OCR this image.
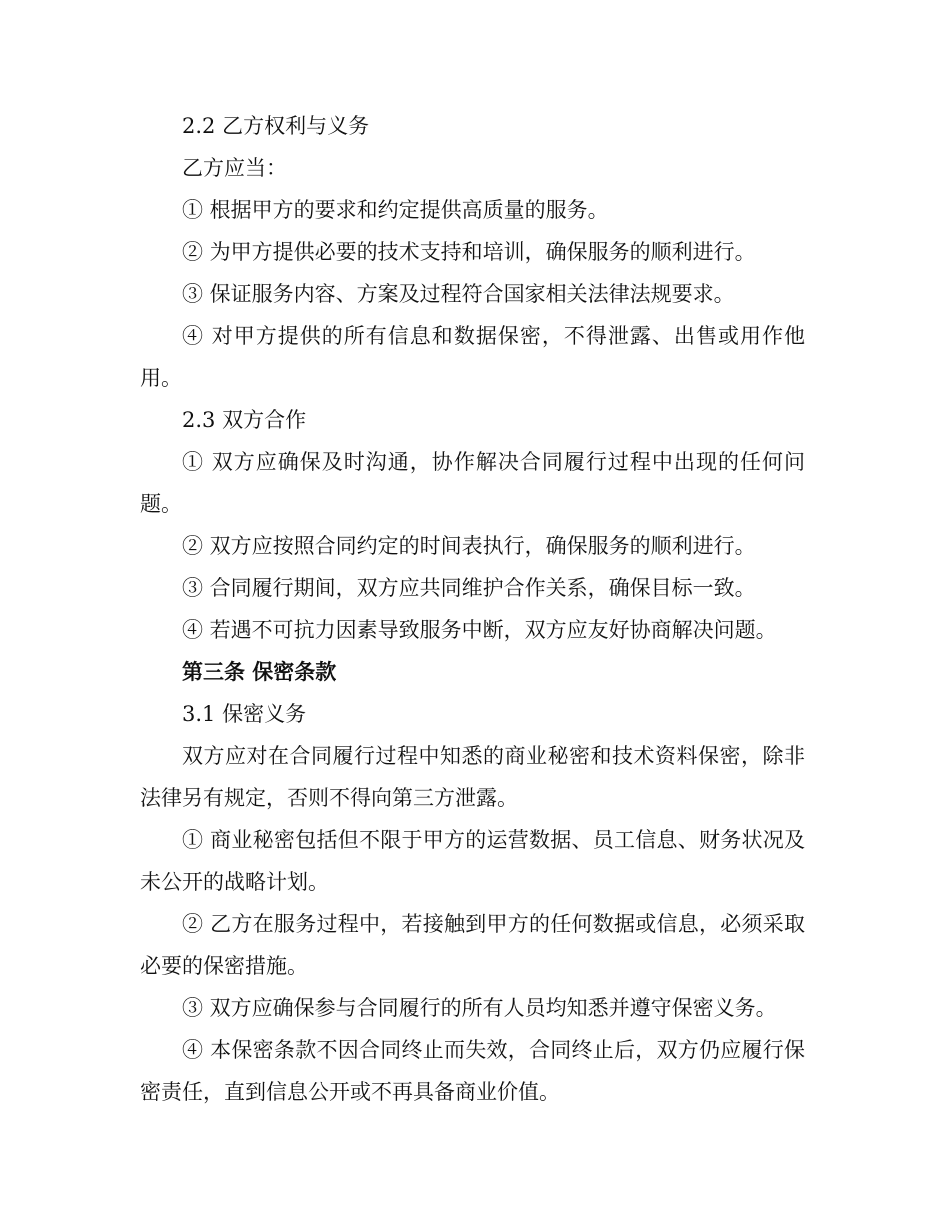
2.2 乙方权利与义务

乙方应当：

① 根据甲方的要求和约定提供高质量的服务。

② 为甲方提供必要的技术支持和培训，确保服务的顺利进行。

③ 保证服务内容、方案及过程符合国家相关法律法规要求。

④ 对甲方提供的所有信息和数据保密，不得泄露、出售或用作他用。

2.3 双方合作

① 双方应确保及时沟通，协作解决合同履行过程中出现的任何问题。

② 双方应按照合同约定的时间表执行，确保服务的顺利进行。

③ 合同履行期间，双方应共同维护合作关系，确保目标一致。

④ 若遇不可抗力因素导致服务中断，双方应友好协商解决问题。

第三条 保密条款

3.1 保密义务

双方应对在合同履行过程中知悉的商业秘密和技术资料保密，除非法律另有规定，否则不得向第三方泄露。

① 商业秘密包括但不限于甲方的运营数据、员工信息、财务状况及未公开的战略计划。

② 乙方在服务过程中，若接触到甲方的任何数据或信息，必须采取必要的保密措施。

③ 双方应确保参与合同履行的所有人员均知悉并遵守保密义务。

④ 本保密条款不因合同终止而失效，合同终止后，双方仍应履行保密责任，直到信息公开或不再具备商业价值。
